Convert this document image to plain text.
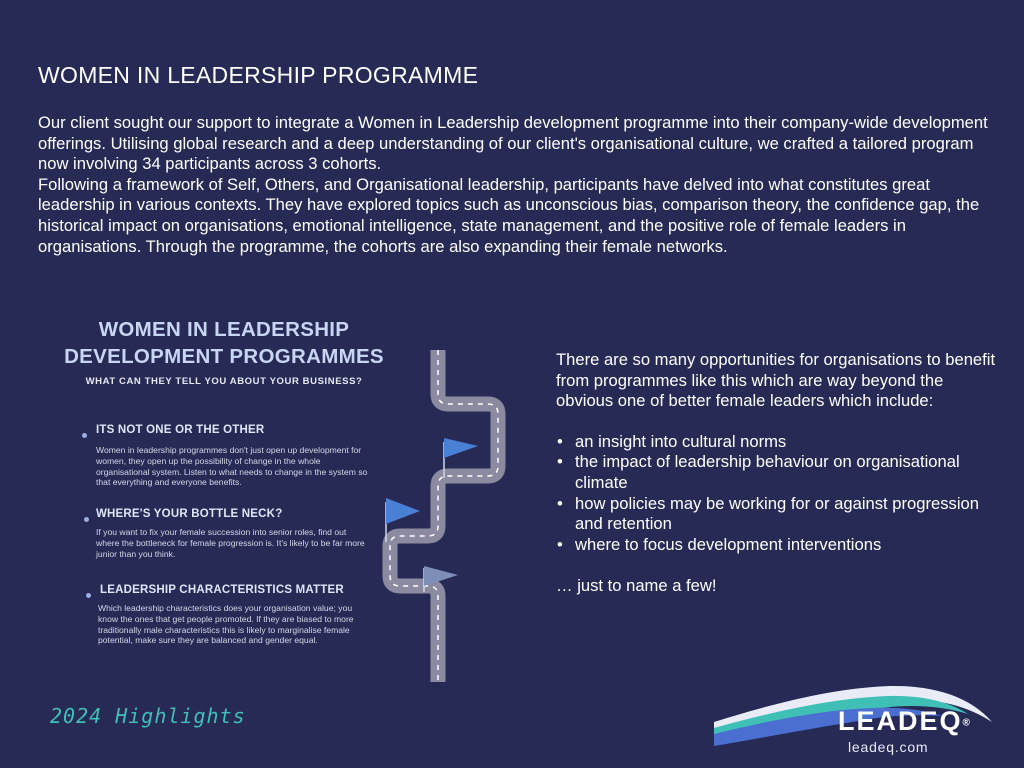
WOMEN IN LEADERSHIP PROGRAMME

Our client sought our support to integrate a Women in Leadership development programme into their company-wide development offerings. Utilising global research and a deep understanding of our client's organisational culture, we crafted a tailored program now involving 34 participants across 3 cohorts.

Following a framework of Self, Others, and Organisational leadership, participants have delved into what constitutes great leadership in various contexts. They have explored topics such as unconscious bias, comparison theory, the confidence gap, the historical impact on organisations, emotional intelligence, state management, and the positive role of female leaders in organisations. Through the programme, the cohorts are also expanding their female networks.

WOMEN IN LEADERSHIP
DEVELOPMENT PROGRAMMES
WHAT CAN THEY TELL YOU ABOUT YOUR BUSINESS?
ITS NOT ONE OR THE OTHER
Women in leadership programmes don't just open up development for women, they open up the possibility of change in the whole organisational system. Listen to what needs to change in the system so that everything and everyone benefits.
WHERE'S YOUR BOTTLE NECK?
If you want to fix your female succession into senior roles, find out where the bottleneck for female progression is. It's likely to be far more junior than you think.
LEADERSHIP CHARACTERISTICS MATTER
Which leadership characteristics does your organisation value; you know the ones that get people promoted. If they are biased to more traditionally male characteristics this is likely to marginalise female potential, make sure they are balanced and gender equal.

There are so many opportunities for organisations to benefit from programmes like this which are way beyond the obvious one of better female leaders which include:

• an insight into cultural norms
• the impact of leadership behaviour on organisational climate
• how policies may be working for or against progression and retention
• where to focus development interventions

… just to name a few!

2024 Highlights	LEADEQ®
leadeq.com
